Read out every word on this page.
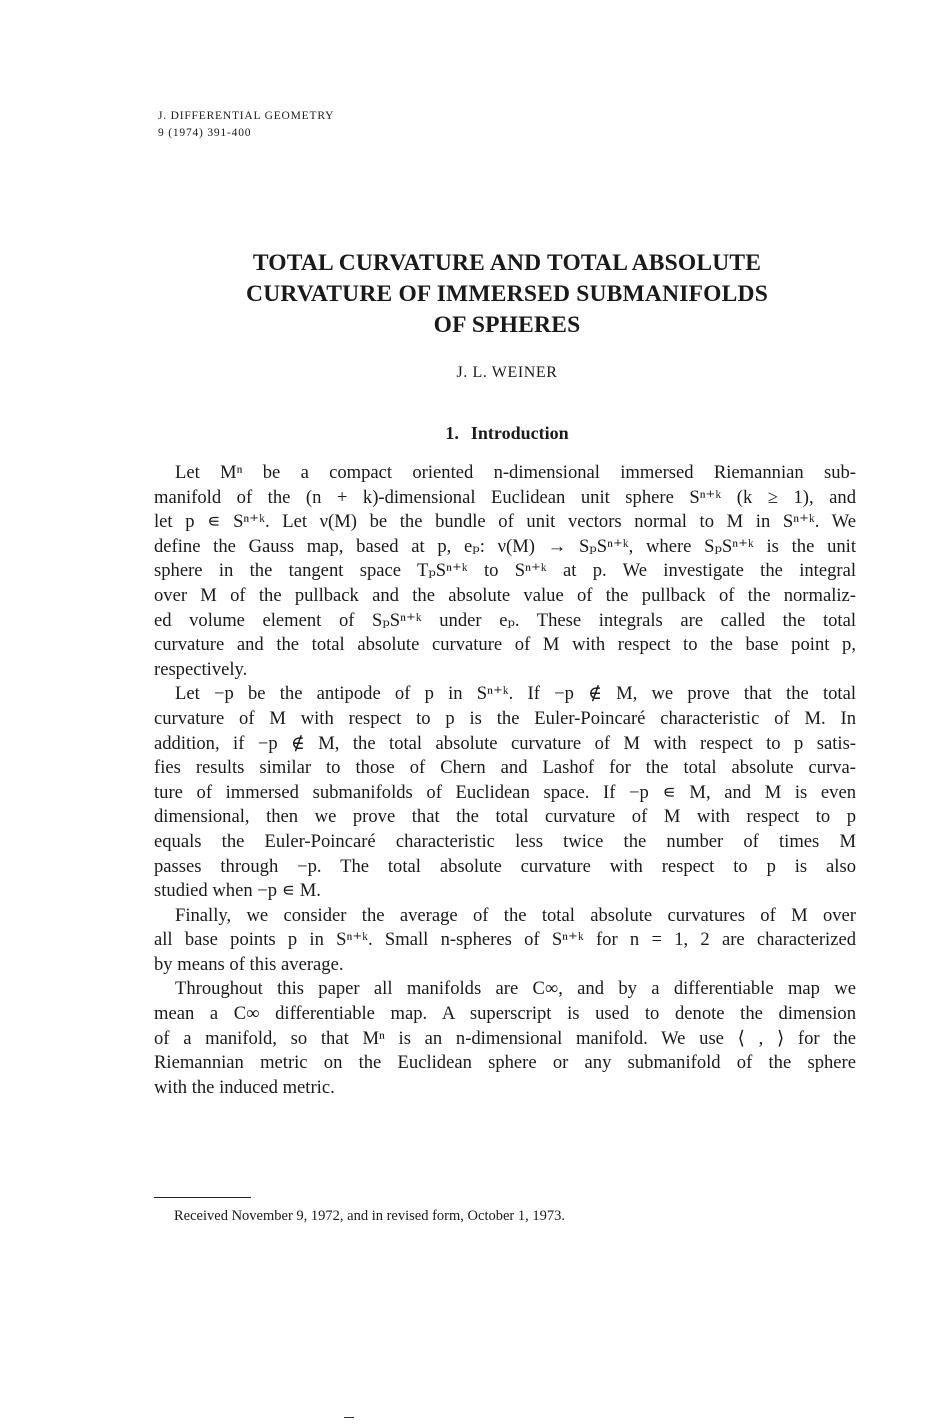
J. DIFFERENTIAL GEOMETRY
9 (1974) 391-400
TOTAL CURVATURE AND TOTAL ABSOLUTE
CURVATURE OF IMMERSED SUBMANIFOLDS
OF SPHERES
J. L. WEINER
1. Introduction
Let Mⁿ be a compact oriented n-dimensional immersed Riemannian sub-
manifold of the (n + k)-dimensional Euclidean unit sphere Sⁿ⁺ᵏ (k ≥ 1), and
let p ∊ Sⁿ⁺ᵏ. Let ν(M) be the bundle of unit vectors normal to M in Sⁿ⁺ᵏ. We
define the Gauss map, based at p, eₚ: ν(M) → SₚSⁿ⁺ᵏ, where SₚSⁿ⁺ᵏ is the unit
sphere in the tangent space TₚSⁿ⁺ᵏ to Sⁿ⁺ᵏ at p. We investigate the integral
over M of the pullback and the absolute value of the pullback of the normaliz-
ed volume element of SₚSⁿ⁺ᵏ under eₚ. These integrals are called the total
curvature and the total absolute curvature of M with respect to the base point p,
respectively.
Let −p be the antipode of p in Sⁿ⁺ᵏ. If −p ∉ M, we prove that the total
curvature of M with respect to p is the Euler-Poincaré characteristic of M. In
addition, if −p ∉ M, the total absolute curvature of M with respect to p satis-
fies results similar to those of Chern and Lashof for the total absolute curva-
ture of immersed submanifolds of Euclidean space. If −p ∊ M, and M is even
dimensional, then we prove that the total curvature of M with respect to p
equals the Euler-Poincaré characteristic less twice the number of times M
passes through −p. The total absolute curvature with respect to p is also
studied when −p ∊ M.
Finally, we consider the average of the total absolute curvatures of M over
all base points p in Sⁿ⁺ᵏ. Small n-spheres of Sⁿ⁺ᵏ for n = 1, 2 are characterized
by means of this average.
Throughout this paper all manifolds are C∞, and by a differentiable map we
mean a C∞ differentiable map. A superscript is used to denote the dimension
of a manifold, so that Mⁿ is an n-dimensional manifold. We use ⟨ , ⟩ for the
Riemannian metric on the Euclidean sphere or any submanifold of the sphere
with the induced metric.
Received November 9, 1972, and in revised form, October 1, 1973.
